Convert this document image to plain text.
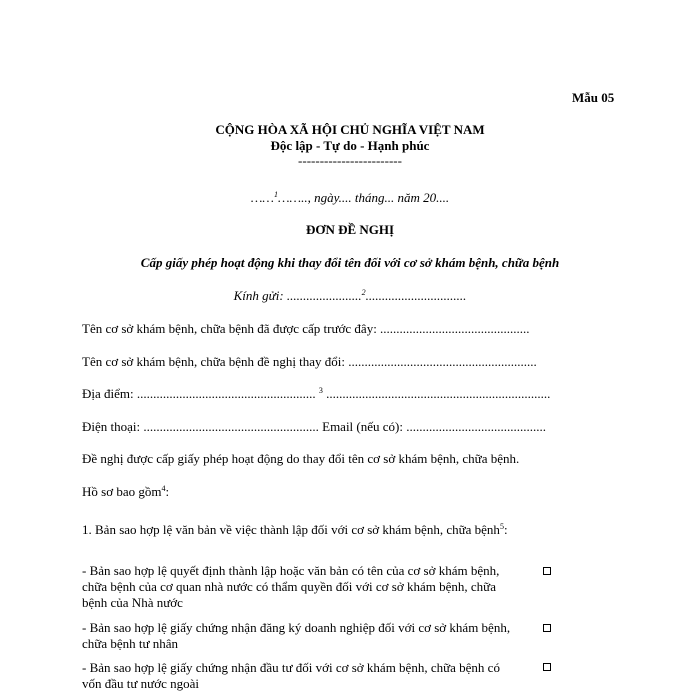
Mẫu 05
CỘNG HÒA XÃ HỘI CHỦ NGHĨA VIỆT NAM
Độc lập - Tự do - Hạnh phúc
------------------------
……$^1$…….., ngày.... tháng... năm 20....
ĐƠN ĐỀ NGHỊ
Cấp giấy phép hoạt động khi thay đổi tên đối với cơ sở khám bệnh, chữa bệnh
Kính gửi: .......................$^2$...............................
Tên cơ sở khám bệnh, chữa bệnh đã được cấp trước đây: ..............................................
Tên cơ sở khám bệnh, chữa bệnh đề nghị thay đổi: ..........................................................
Địa điểm: ....................................................... $^3$ .....................................................................
Điện thoại: ...................................................... Email (nếu có): ...........................................
Đề nghị được cấp giấy phép hoạt động do thay đổi tên cơ sở khám bệnh, chữa bệnh.
Hồ sơ bao gồm$^4$:
1. Bản sao hợp lệ văn bản về việc thành lập đối với cơ sở khám bệnh, chữa bệnh$^5$:
- Bản sao hợp lệ quyết định thành lập hoặc văn bản có tên của cơ sở khám bệnh, chữa bệnh của cơ quan nhà nước có thẩm quyền đối với cơ sở khám bệnh, chữa bệnh của Nhà nước
- Bản sao hợp lệ giấy chứng nhận đăng ký doanh nghiệp đối với cơ sở khám bệnh, chữa bệnh tư nhân
- Bản sao hợp lệ giấy chứng nhận đầu tư đối với cơ sở khám bệnh, chữa bệnh có vốn đầu tư nước ngoài
